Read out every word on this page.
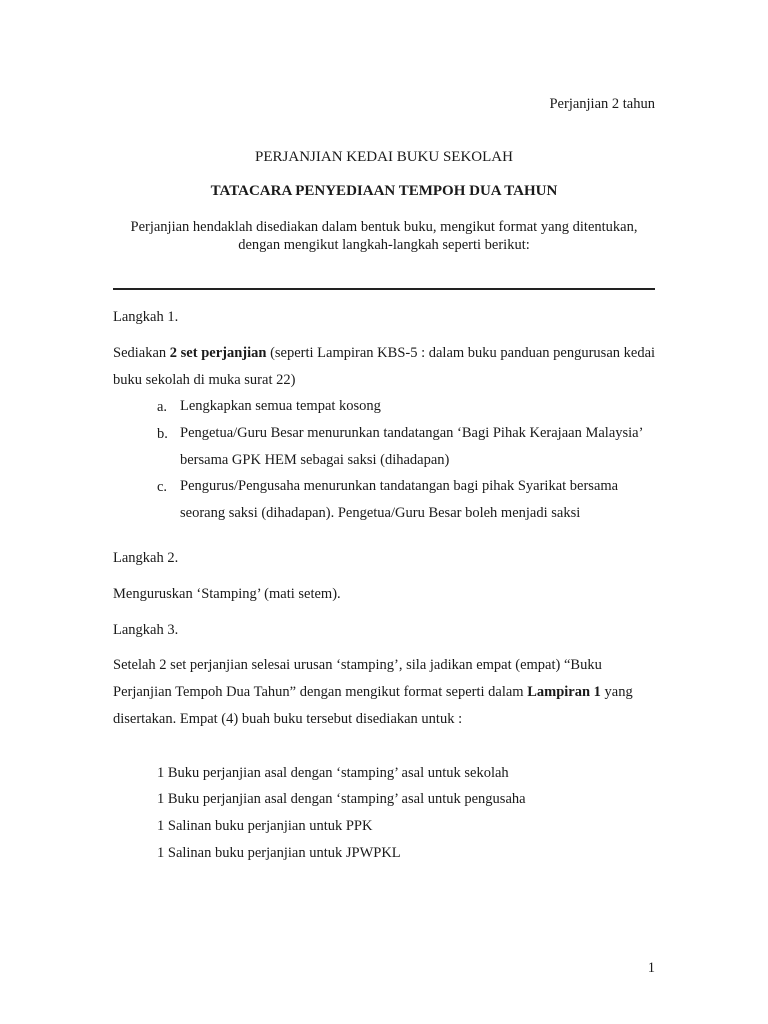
Perjanjian 2 tahun
PERJANJIAN KEDAI BUKU SEKOLAH
TATACARA PENYEDIAAN TEMPOH DUA TAHUN
Perjanjian hendaklah disediakan dalam bentuk buku, mengikut format yang ditentukan,
dengan mengikut langkah-langkah seperti berikut:
Langkah 1.
Sediakan 2 set perjanjian (seperti Lampiran KBS-5 : dalam buku panduan pengurusan kedai buku sekolah di muka surat 22)
a. Lengkapkan semua tempat kosong
b. Pengetua/Guru Besar menurunkan tandatangan ‘Bagi Pihak Kerajaan Malaysia’ bersama GPK HEM sebagai saksi (dihadapan)
c. Pengurus/Pengusaha menurunkan tandatangan bagi pihak Syarikat bersama seorang saksi (dihadapan). Pengetua/Guru Besar boleh menjadi saksi
Langkah 2.
Menguruskan ‘Stamping’ (mati setem).
Langkah 3.
Setelah 2 set perjanjian selesai urusan ‘stamping’, sila jadikan empat (empat) “Buku Perjanjian Tempoh Dua Tahun” dengan mengikut format seperti dalam Lampiran 1 yang disertakan. Empat (4) buah buku tersebut disediakan untuk :
1 Buku perjanjian asal dengan ‘stamping’ asal untuk sekolah
1 Buku perjanjian asal dengan ‘stamping’ asal untuk pengusaha
1 Salinan buku perjanjian untuk PPK
1 Salinan buku perjanjian untuk JPWPKL
1
